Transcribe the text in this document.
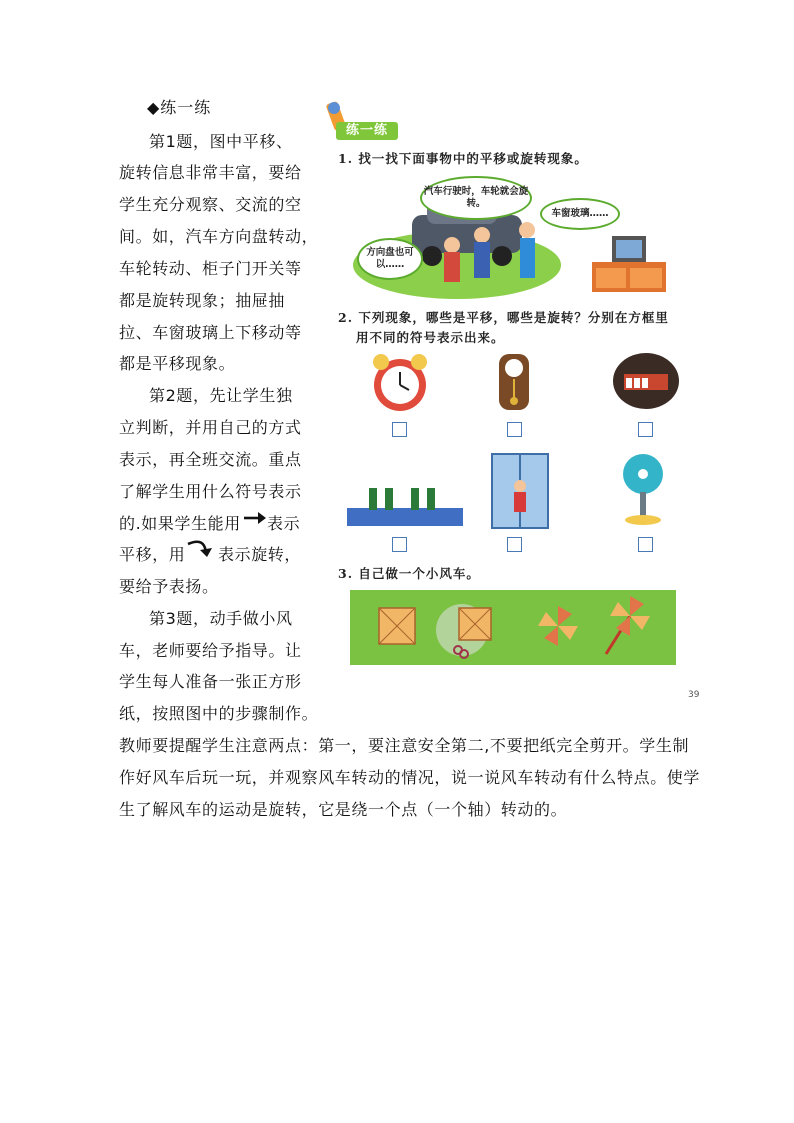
◆练一练
第1题，图中平移、
旋转信息非常丰富，要给
学生充分观察、交流的空
间。如，汽车方向盘转动，
车轮转动、柜子门开关等
都是旋转现象；抽屉抽
拉、车窗玻璃上下移动等
都是平移现象。
第2题，先让学生独
立判断，并用自己的方式
表示，再全班交流。重点
了解学生用什么符号表示
的.如果学生能用 表示
平移，用 表示旋转，
要给予表扬。
第3题，动手做小风
车，老师要给予指导。让
学生每人准备一张正方形
纸，按照图中的步骤制作。
教师要提醒学生注意两点：第一，要注意安全第二,不要把纸完全剪开。学生制
作好风车后玩一玩，并观察风车转动的情况，说一说风车转动有什么特点。使学
生了解风车的运动是旋转，它是绕一个点（一个轴）转动的。
练一练
1. 找一找下面事物中的平移或旋转现象。
汽车行驶时，车轮就会旋转。
车窗玻璃……
方向盘也可以……
2. 下列现象，哪些是平移，哪些是旋转？分别在方框里
用不同的符号表示出来。
3. 自己做一个小风车。
39
